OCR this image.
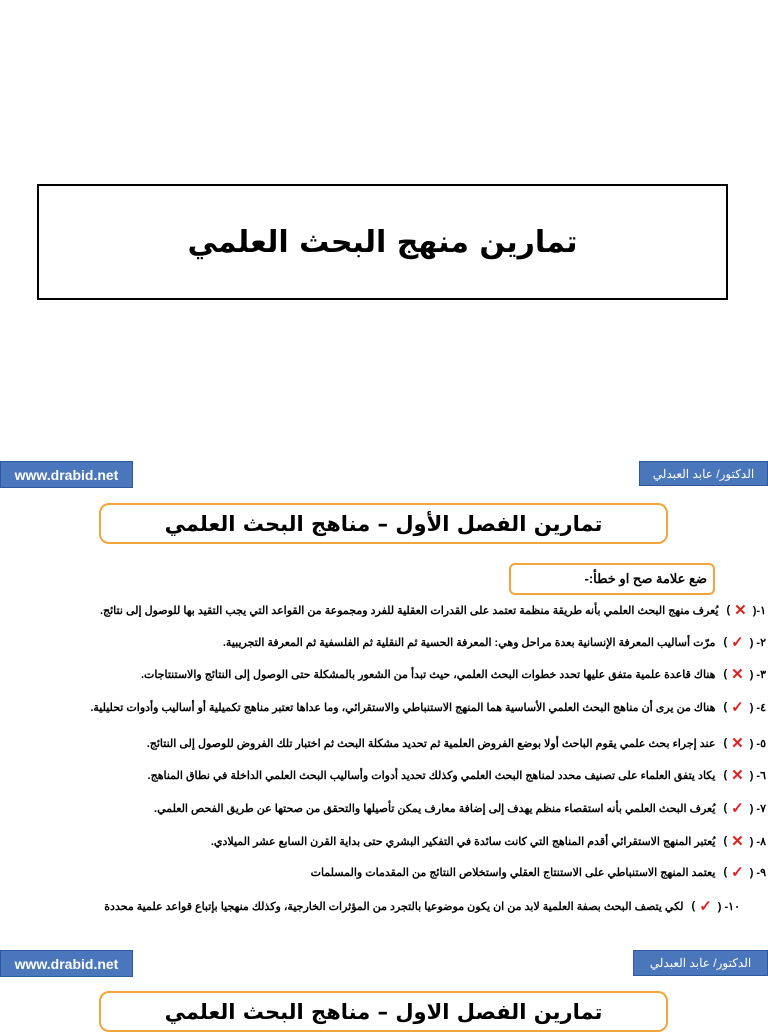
تمارين منهج البحث العلمي
www.drabid.net	الدكتور/ عابد العبدلي
تمارين الفصل الأول – مناهج البحث العلمي
ضع علامة صح او خطأ:-
١-(
✕
)
يُعرف منهج البحث العلمي بأنه طريقة منظمة تعتمد على القدرات العقلية للفرد ومجموعة من القواعد التي يجب التقيد بها للوصول إلى نتائج.
٢- (
✓
)
مرّت أساليب المعرفة الإنسانية بعدة مراحل وهي: المعرفة الحسية ثم النقلية ثم الفلسفية ثم المعرفة التجريبية.
٣- (
✕
)
هناك قاعدة علمية متفق عليها تحدد خطوات البحث العلمي، حيث تبدأ من الشعور بالمشكلة حتى الوصول إلى النتائج والاستنتاجات.
٤- (
✓
)
هناك من يرى أن مناهج البحث العلمي الأساسية هما المنهج الاستنباطي والاستقرائي، وما عداها تعتبر مناهج تكميلية أو أساليب وأدوات تحليلية.
٥- (
✕
)
عند إجراء بحث علمي يقوم الباحث أولا بوضع الفروض العلمية ثم تحديد مشكلة البحث ثم اختبار تلك الفروض للوصول إلى النتائج.
٦- (
✕
)
يكاد يتفق العلماء على تصنيف محدد لمناهج البحث العلمي وكذلك تحديد أدوات وأساليب البحث العلمي الداخلة في نطاق المناهج.
٧- (
✓
)
يُعرف البحث العلمي بأنه استقصاء منظم يهدف إلى إضافة معارف يمكن تأصيلها والتحقق من صحتها عن طريق الفحص العلمي.
٨- (
✕
)
يُعتبر المنهج الاستقرائي أقدم المناهج التي كانت سائدة في التفكير البشري حتى بداية القرن السابع عشر الميلادي.
٩- (
✓
)
يعتمد المنهج الاستنباطي على الاستنتاج العقلي واستخلاص النتائج من المقدمات والمسلمات
١٠- (
✓
)
لكي يتصف البحث بصفة العلمية لابد من ان يكون موضوعيا بالتجرد من المؤثرات الخارجية، وكذلك منهجيا بإتباع قواعد علمية محددة
www.drabid.net	الدكتور/ عابد العبدلي
تمارين الفصل الاول – مناهج البحث العلمي
